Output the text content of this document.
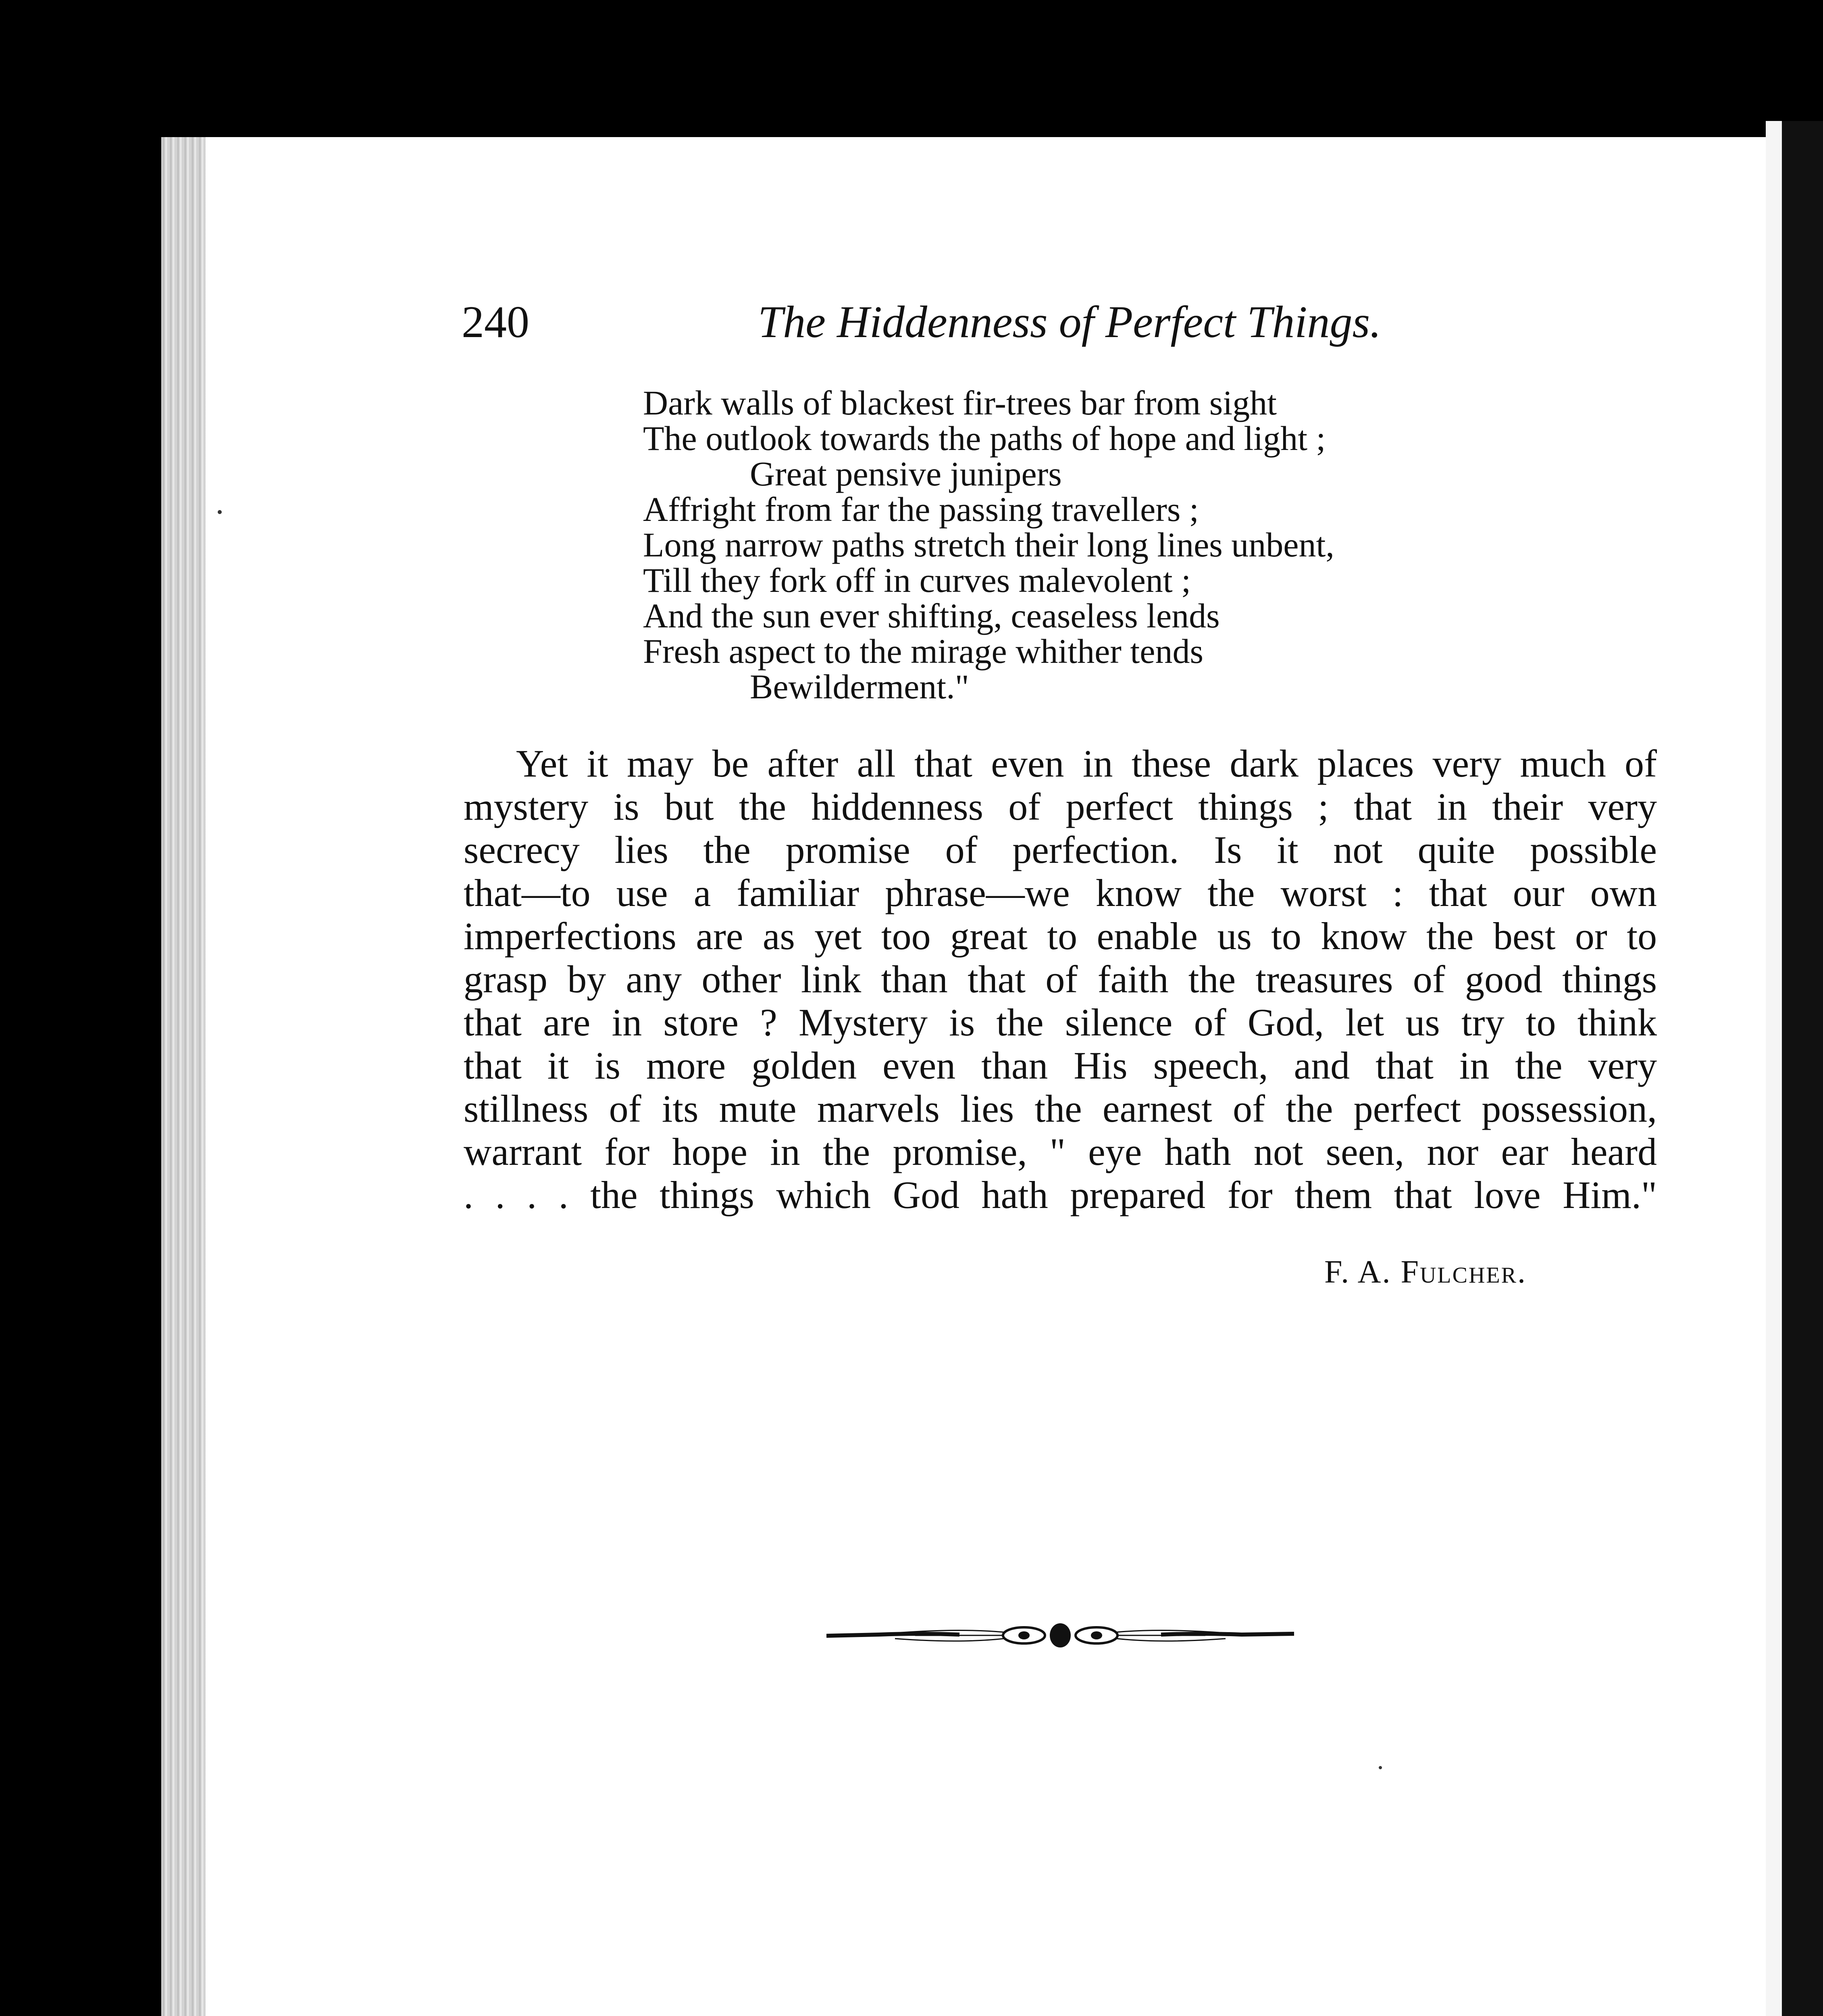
240	The Hiddenness of Perfect Things.
Dark walls of blackest fir-trees bar from sight
The outlook towards the paths of hope and light ;
Great pensive junipers
Affright from far the passing travellers ;
Long narrow paths stretch their long lines unbent,
Till they fork off in curves malevolent ;
And the sun ever shifting, ceaseless lends
Fresh aspect to the mirage whither tends
Bewilderment."
Yet it may be after all that even in these dark places very much of
mystery is but the hiddenness of perfect things ; that in their very
secrecy lies the promise of perfection. Is it not quite possible
that—to use a familiar phrase—we know the worst : that our own
imperfections are as yet too great to enable us to know the best or to
grasp by any other link than that of faith the treasures of good things
that are in store ? Mystery is the silence of God, let us try to think
that it is more golden even than His speech, and that in the very
stillness of its mute marvels lies the earnest of the perfect possession,
warrant for hope in the promise, " eye hath not seen, nor ear heard
. . . . the things which God hath prepared for them that love Him."
F. A. Fulcher.
